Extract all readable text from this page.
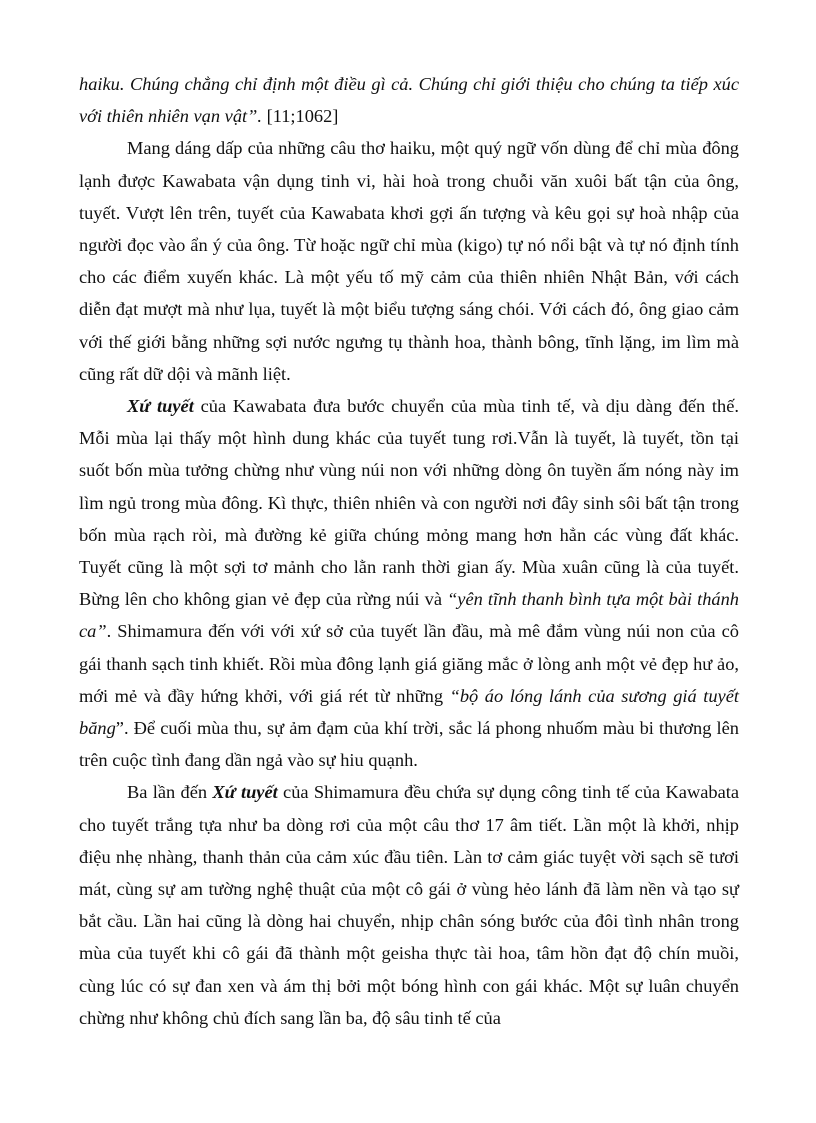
haiku. Chúng chẳng chỉ định một điều gì cả. Chúng chỉ giới thiệu cho chúng ta tiếp xúc với thiên nhiên vạn vật”. [11;1062]

Mang dáng dấp của những câu thơ haiku, một quý ngữ vốn dùng để chỉ mùa đông lạnh được Kawabata vận dụng tinh vi, hài hoà trong chuỗi văn xuôi bất tận của ông, tuyết. Vượt lên trên, tuyết của Kawabata khơi gợi ấn tượng và kêu gọi sự hoà nhập của người đọc vào ẩn ý của ông. Từ hoặc ngữ chỉ mùa (kigo) tự nó nổi bật và tự nó định tính cho các điểm xuyến khác. Là một yếu tố mỹ cảm của thiên nhiên Nhật Bản, với cách diễn đạt mượt mà như lụa, tuyết là một biểu tượng sáng chói. Với cách đó, ông giao cảm với thế giới bằng những sợi nước ngưng tụ thành hoa, thành bông, tĩnh lặng, im lìm mà cũng rất dữ dội và mãnh liệt.

Xứ tuyết của Kawabata đưa bước chuyển của mùa tinh tế, và dịu dàng đến thế. Mỗi mùa lại thấy một hình dung khác của tuyết tung rơi.Vẫn là tuyết, là tuyết, tồn tại suốt bốn mùa tưởng chừng như vùng núi non với những dòng ôn tuyền ấm nóng này im lìm ngủ trong mùa đông. Kì thực, thiên nhiên và con người nơi đây sinh sôi bất tận trong bốn mùa rạch ròi, mà đường kẻ giữa chúng mỏng mang hơn hẳn các vùng đất khác. Tuyết cũng là một sợi tơ mảnh cho lằn ranh thời gian ấy. Mùa xuân cũng là của tuyết. Bừng lên cho không gian vẻ đẹp của rừng núi và “yên tĩnh thanh bình tựa một bài thánh ca”. Shimamura đến với với xứ sở của tuyết lần đầu, mà mê đắm vùng núi non của cô gái thanh sạch tinh khiết. Rồi mùa đông lạnh giá giăng mắc ở lòng anh một vẻ đẹp hư ảo, mới mẻ và đầy hứng khởi, với giá rét từ những “bộ áo lóng lánh của sương giá tuyết băng”. Để cuối mùa thu, sự ảm đạm của khí trời, sắc lá phong nhuốm màu bi thương lên trên cuộc tình đang dần ngả vào sự hiu quạnh.

Ba lần đến Xứ tuyết của Shimamura đều chứa sự dụng công tinh tế của Kawabata cho tuyết trắng tựa như ba dòng rơi của một câu thơ 17 âm tiết. Lần một là khởi, nhịp điệu nhẹ nhàng, thanh thản của cảm xúc đầu tiên. Làn tơ cảm giác tuyệt vời sạch sẽ tươi mát, cùng sự am tường nghệ thuật của một cô gái ở vùng hẻo lánh đã làm nền và tạo sự bắt cầu. Lần hai cũng là dòng hai chuyển, nhịp chân sóng bước của đôi tình nhân trong mùa của tuyết khi cô gái đã thành một geisha thực tài hoa, tâm hồn đạt độ chín muồi, cùng lúc có sự đan xen và ám thị bởi một bóng hình con gái khác. Một sự luân chuyển chừng như không chủ đích sang lần ba, độ sâu tinh tế của
